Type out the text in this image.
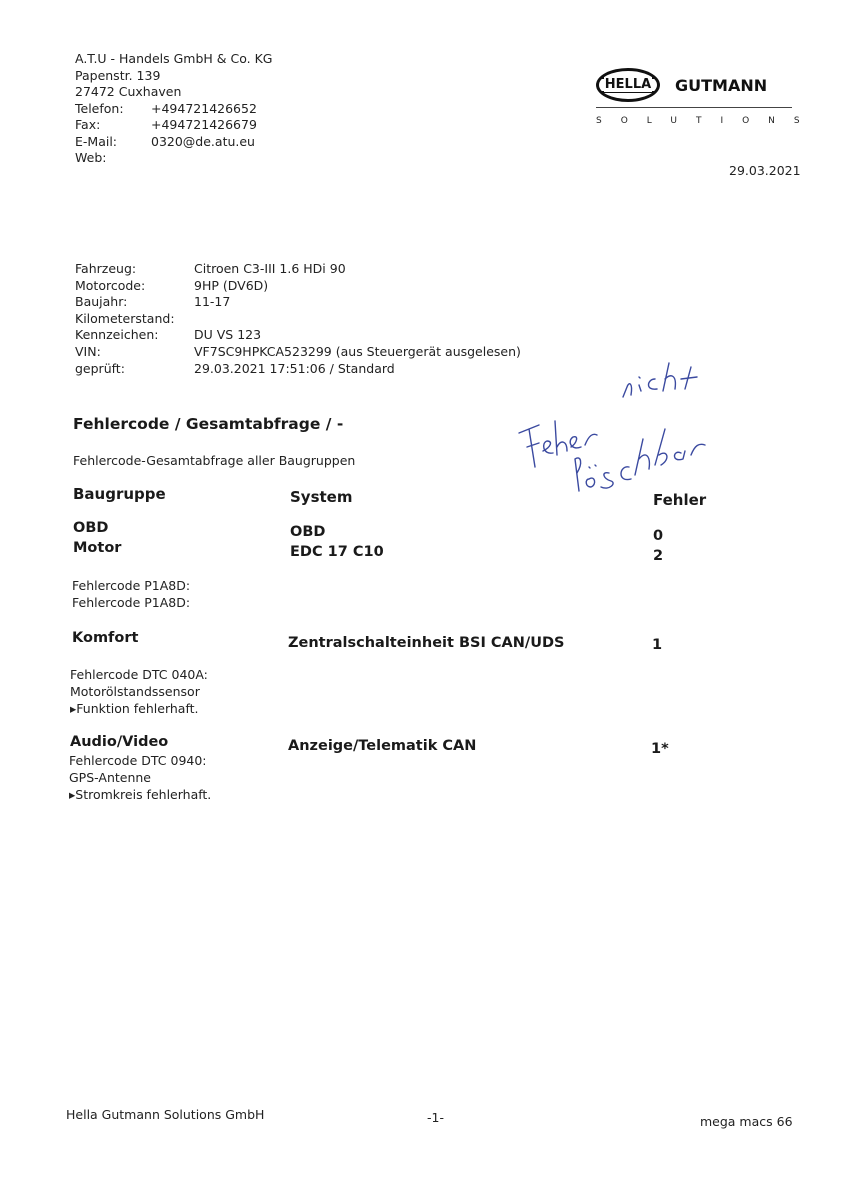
A.T.U - Handels GmbH & Co. KG
Papenstr. 139
27472 Cuxhaven
Telefon: +494721426652
Fax:	+494721426679
E-Mail:	0320@de.atu.eu
Web:
HELLA	GUTMANN
SOLUTIONS
29.03.2021
Fahrzeug:	Citroen C3-III 1.6 HDi 90
Motorcode:	9HP (DV6D)
Baujahr:	11-17
Kilometerstand:
Kennzeichen:	DU VS 123
VIN:	VF7SC9HPKCA523299 (aus Steuergerät ausgelesen)
geprüft:	29.03.2021 17:51:06 / Standard
Fehlercode / Gesamtabfrage / -
Fehlercode-Gesamtabfrage aller Baugruppen
Baugruppe	System	Fehler
OBD	OBD	0
Motor	EDC 17 C10	2
Fehlercode P1A8D:
Fehlercode P1A8D:
Komfort	Zentralschalteinheit BSI CAN/UDS	1
Fehlercode DTC 040A:
Motorölstandssensor
▸Funktion fehlerhaft.
Audio/Video	Anzeige/Telematik CAN	1*
Fehlercode DTC 0940:
GPS-Antenne
▸Stromkreis fehlerhaft.
Hella Gutmann Solutions GmbH	-1-	mega macs 66
